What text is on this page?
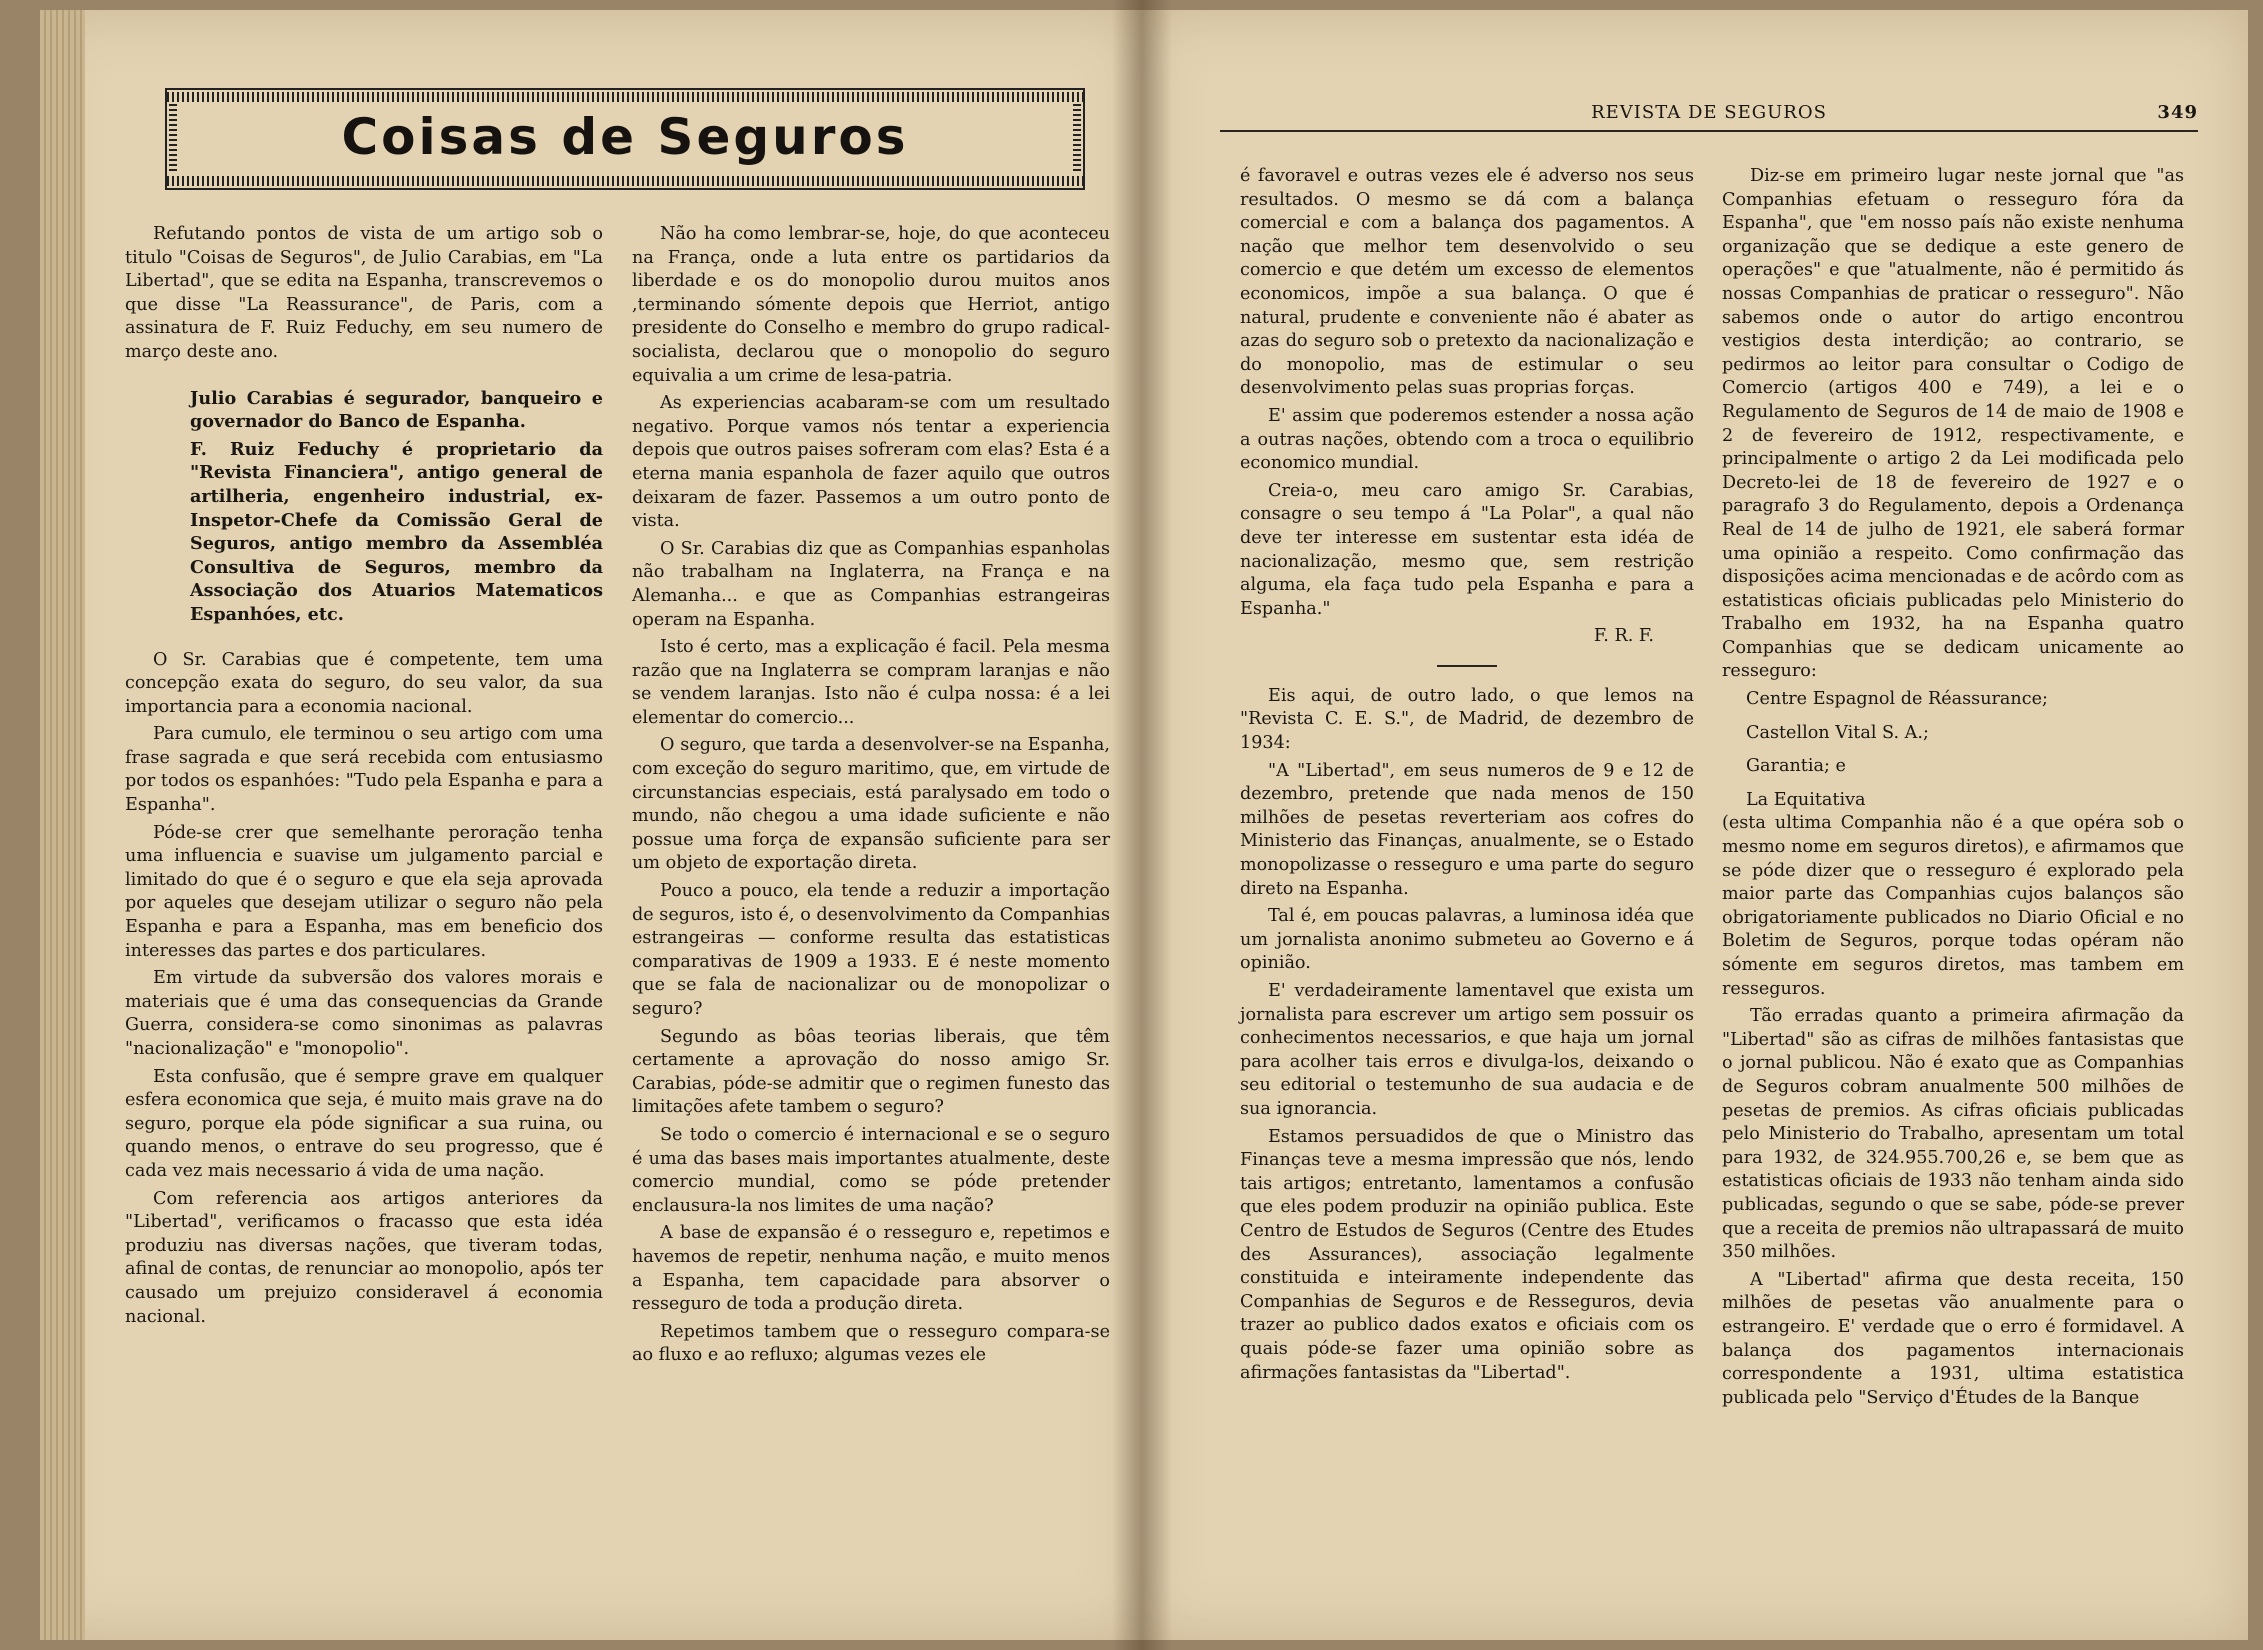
Coisas de Seguros

Refutando pontos de vista de um artigo sob o titulo "Coisas de Seguros", de Julio Carabias, em "La Libertad", que se edita na Espanha, transcrevemos o que disse "La Reassurance", de Paris, com a assinatura de F. Ruiz Feduchy, em seu numero de março deste ano.

Julio Carabias é segurador, banqueiro e governador do Banco de Espanha.

F. Ruiz Feduchy é proprietario da "Revista Financiera", antigo general de artilheria, engenheiro industrial, ex-Inspetor-Chefe da Comissão Geral de Seguros, antigo membro da Assembléa Consultiva de Seguros, membro da Associação dos Atuarios Matematicos Espanhóes, etc.

O Sr. Carabias que é competente, tem uma concepção exata do seguro, do seu valor, da sua importancia para a economia nacional.

Para cumulo, ele terminou o seu artigo com uma frase sagrada e que será recebida com entusiasmo por todos os espanhóes: "Tudo pela Espanha e para a Espanha".

Póde-se crer que semelhante peroração tenha uma influencia e suavise um julgamento parcial e limitado do que é o seguro e que ela seja aprovada por aqueles que desejam utilizar o seguro não pela Espanha e para a Espanha, mas em beneficio dos interesses das partes e dos particulares.

Em virtude da subversão dos valores morais e materiais que é uma das consequencias da Grande Guerra, considera-se como sinonimas as palavras "nacionalização" e "monopolio".

Esta confusão, que é sempre grave em qualquer esfera economica que seja, é muito mais grave na do seguro, porque ela póde significar a sua ruina, ou quando menos, o entrave do seu progresso, que é cada vez mais necessario á vida de uma nação.

Com referencia aos artigos anteriores da "Libertad", verificamos o fracasso que esta idéa produziu nas diversas nações, que tiveram todas, afinal de contas, de renunciar ao monopolio, após ter causado um prejuizo consideravel á economia nacional.

Não ha como lembrar-se, hoje, do que aconteceu na França, onde a luta entre os partidarios da liberdade e os do monopolio durou muitos anos ,terminando sómente depois que Herriot, antigo presidente do Conselho e membro do grupo radical-socialista, declarou que o monopolio do seguro equivalia a um crime de lesa-patria.

As experiencias acabaram-se com um resultado negativo. Porque vamos nós tentar a experiencia depois que outros paises sofreram com elas? Esta é a eterna mania espanhola de fazer aquilo que outros deixaram de fazer. Passemos a um outro ponto de vista.

O Sr. Carabias diz que as Companhias espanholas não trabalham na Inglaterra, na França e na Alemanha... e que as Companhias estrangeiras operam na Espanha.

Isto é certo, mas a explicação é facil. Pela mesma razão que na Inglaterra se compram laranjas e não se vendem laranjas. Isto não é culpa nossa: é a lei elementar do comercio...

O seguro, que tarda a desenvolver-se na Espanha, com exceção do seguro maritimo, que, em virtude de circunstancias especiais, está paralysado em todo o mundo, não chegou a uma idade suficiente e não possue uma força de expansão suficiente para ser um objeto de exportação direta.

Pouco a pouco, ela tende a reduzir a importação de seguros, isto é, o desenvolvimento da Companhias estrangeiras — conforme resulta das estatisticas comparativas de 1909 a 1933. E é neste momento que se fala de nacionalizar ou de monopolizar o seguro?

Segundo as bôas teorias liberais, que têm certamente a aprovação do nosso amigo Sr. Carabias, póde-se admitir que o regimen funesto das limitações afete tambem o seguro?

Se todo o comercio é internacional e se o seguro é uma das bases mais importantes atualmente, deste comercio mundial, como se póde pretender enclausura-la nos limites de uma nação?

A base de expansão é o resseguro e, repetimos e havemos de repetir, nenhuma nação, e muito menos a Espanha, tem capacidade para absorver o resseguro de toda a produção direta.

Repetimos tambem que o resseguro compara-se ao fluxo e ao refluxo; algumas vezes ele

REVISTA DE SEGUROS	349

é favoravel e outras vezes ele é adverso nos seus resultados. O mesmo se dá com a balança comercial e com a balança dos pagamentos. A nação que melhor tem desenvolvido o seu comercio e que detém um excesso de elementos economicos, impõe a sua balança. O que é natural, prudente e conveniente não é abater as azas do seguro sob o pretexto da nacionalização e do monopolio, mas de estimular o seu desenvolvimento pelas suas proprias forças.

E' assim que poderemos estender a nossa ação a outras nações, obtendo com a troca o equilibrio economico mundial.

Creia-o, meu caro amigo Sr. Carabias, consagre o seu tempo á "La Polar", a qual não deve ter interesse em sustentar esta idéa de nacionalização, mesmo que, sem restrição alguma, ela faça tudo pela Espanha e para a Espanha."

F. R. F.

Eis aqui, de outro lado, o que lemos na "Revista C. E. S.", de Madrid, de dezembro de 1934:

"A "Libertad", em seus numeros de 9 e 12 de dezembro, pretende que nada menos de 150 milhões de pesetas reverteriam aos cofres do Ministerio das Finanças, anualmente, se o Estado monopolizasse o resseguro e uma parte do seguro direto na Espanha.

Tal é, em poucas palavras, a luminosa idéa que um jornalista anonimo submeteu ao Governo e á opinião.

E' verdadeiramente lamentavel que exista um jornalista para escrever um artigo sem possuir os conhecimentos necessarios, e que haja um jornal para acolher tais erros e divulga-los, deixando o seu editorial o testemunho de sua audacia e de sua ignorancia.

Estamos persuadidos de que o Ministro das Finanças teve a mesma impressão que nós, lendo tais artigos; entretanto, lamentamos a confusão que eles podem produzir na opinião publica. Este Centro de Estudos de Seguros (Centre des Etudes des Assurances), associação legalmente constituida e inteiramente independente das Companhias de Seguros e de Resseguros, devia trazer ao publico dados exatos e oficiais com os quais póde-se fazer uma opinião sobre as afirmações fantasistas da "Libertad".

Diz-se em primeiro lugar neste jornal que "as Companhias efetuam o resseguro fóra da Espanha", que "em nosso país não existe nenhuma organização que se dedique a este genero de operações" e que "atualmente, não é permitido ás nossas Companhias de praticar o resseguro". Não sabemos onde o autor do artigo encontrou vestigios desta interdição; ao contrario, se pedirmos ao leitor para consultar o Codigo de Comercio (artigos 400 e 749), a lei e o Regulamento de Seguros de 14 de maio de 1908 e 2 de fevereiro de 1912, respectivamente, e principalmente o artigo 2 da Lei modificada pelo Decreto-lei de 18 de fevereiro de 1927 e o paragrafo 3 do Regulamento, depois a Ordenança Real de 14 de julho de 1921, ele saberá formar uma opinião a respeito. Como confirmação das disposições acima mencionadas e de acôrdo com as estatisticas oficiais publicadas pelo Ministerio do Trabalho em 1932, ha na Espanha quatro Companhias que se dedicam unicamente ao resseguro:

Centre Espagnol de Réassurance;

Castellon Vital S. A.;

Garantia; e

La Equitativa

(esta ultima Companhia não é a que opéra sob o mesmo nome em seguros diretos), e afirmamos que se póde dizer que o resseguro é explorado pela maior parte das Companhias cujos balanços são obrigatoriamente publicados no Diario Oficial e no Boletim de Seguros, porque todas opéram não sómente em seguros diretos, mas tambem em resseguros.

Tão erradas quanto a primeira afirmação da "Libertad" são as cifras de milhões fantasistas que o jornal publicou. Não é exato que as Companhias de Seguros cobram anualmente 500 milhões de pesetas de premios. As cifras oficiais publicadas pelo Ministerio do Trabalho, apresentam um total para 1932, de 324.955.700,26 e, se bem que as estatisticas oficiais de 1933 não tenham ainda sido publicadas, segundo o que se sabe, póde-se prever que a receita de premios não ultrapassará de muito 350 milhões.

A "Libertad" afirma que desta receita, 150 milhões de pesetas vão anualmente para o estrangeiro. E' verdade que o erro é formidavel. A balança dos pagamentos internacionais correspondente a 1931, ultima estatistica publicada pelo "Serviço d'Études de la Banque
